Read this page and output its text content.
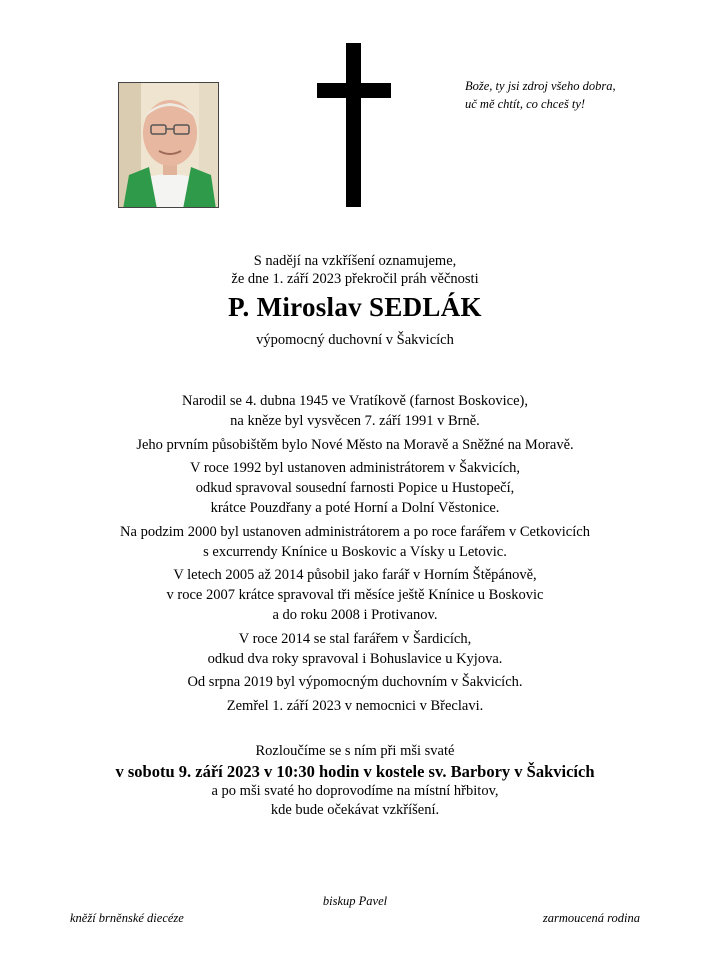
Bože, ty jsi zdroj všeho dobra,
uč mě chtít, co chceš ty!
S nadějí na vzkříšení oznamujeme,
že dne 1. září 2023 překročil práh věčnosti
P. Miroslav SEDLÁK
výpomocný duchovní v Šakvicích
Narodil se 4. dubna 1945 ve Vratíkově (farnost Boskovice),
na kněze byl vysvěcen 7. září 1991 v Brně.
Jeho prvním působištěm bylo Nové Město na Moravě a Sněžné na Moravě.
V roce 1992 byl ustanoven administrátorem v Šakvicích,
odkud spravoval sousední farnosti Popice u Hustopečí,
krátce Pouzdřany a poté Horní a Dolní Věstonice.
Na podzim 2000 byl ustanoven administrátorem a po roce farářem v Cetkovicích
s excurrendy Knínice u Boskovic a Vísky u Letovic.
V letech 2005 až 2014 působil jako farář v Horním Štěpánově,
v roce 2007 krátce spravoval tři měsíce ještě Knínice u Boskovic
a do roku 2008 i Protivanov.
V roce 2014 se stal farářem v Šardicích,
odkud dva roky spravoval i Bohuslavice u Kyjova.
Od srpna 2019 byl výpomocným duchovním v Šakvicích.
Zemřel 1. září 2023 v nemocnici v Břeclavi.
Rozloučíme se s ním při mši svaté
v sobotu 9. září 2023 v 10:30 hodin v kostele sv. Barbory v Šakvicích
a po mši svaté ho doprovodíme na místní hřbitov,
kde bude očekávat vzkříšení.
biskup Pavel
kněží brněnské diecéze	zarmoucená rodina
